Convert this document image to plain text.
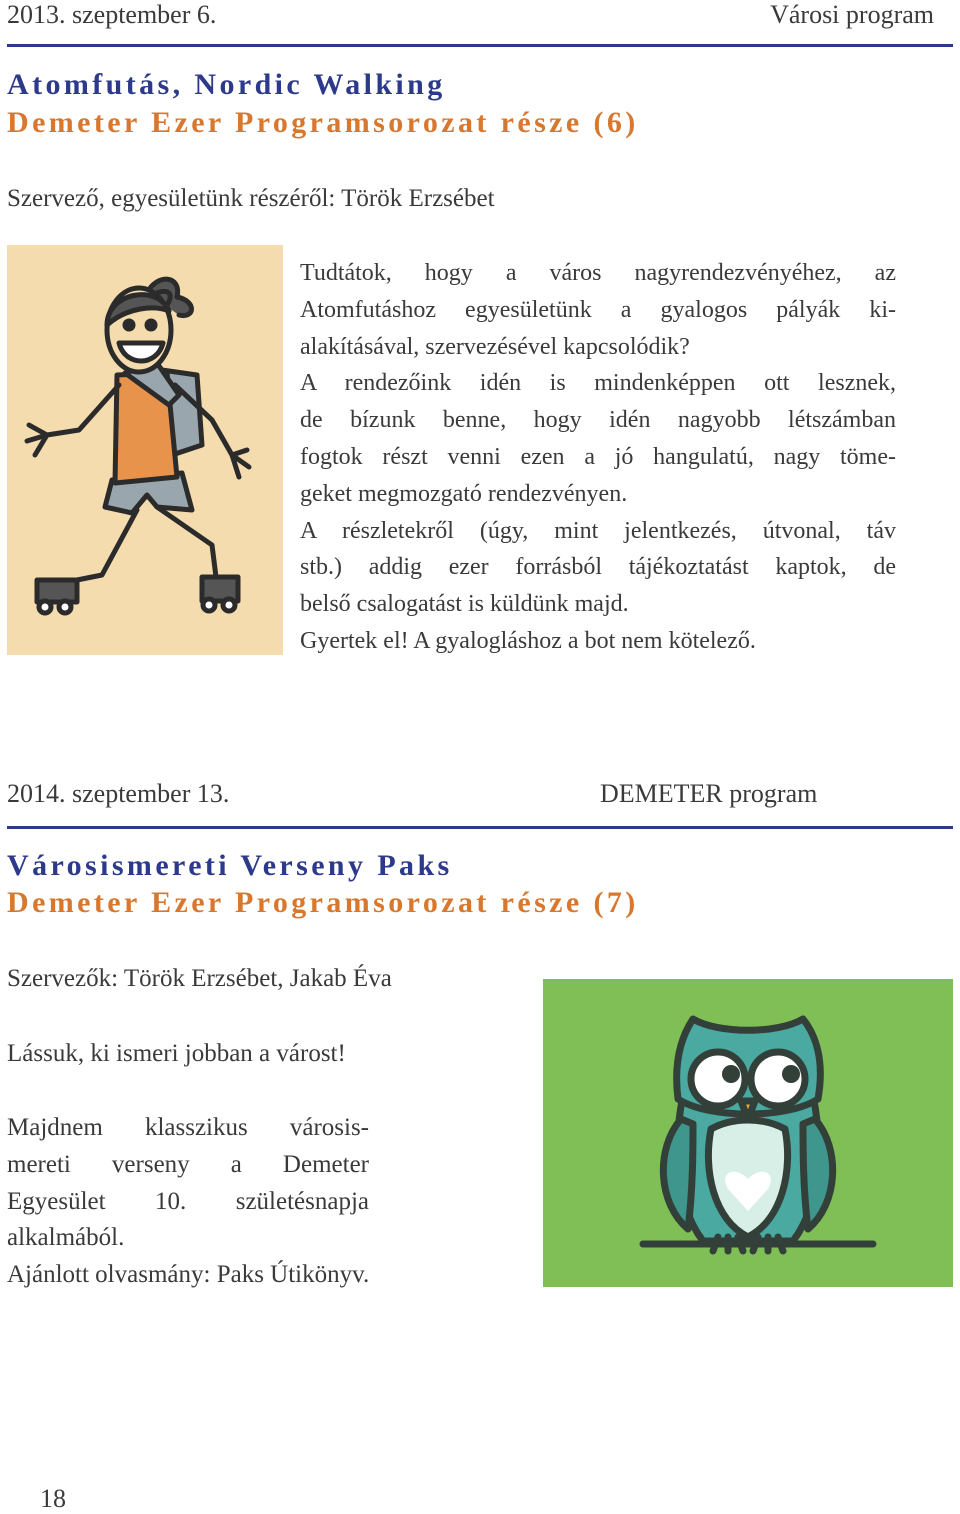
2013. szeptember 6.	Városi program
Atomfutás, Nordic Walking
Demeter Ezer Programsorozat része (6)
Szervező, egyesületünk részéről: Török Erzsébet
Tudtátok, hogy a város nagyrendezvényéhez, az
Atomfutáshoz egyesületünk a gyalogos pályák ki-
alakításával, szervezésével kapcsolódik?
A rendezőink idén is mindenképpen ott lesznek,
de bízunk benne, hogy idén nagyobb létszámban
fogtok részt venni ezen a jó hangulatú, nagy töme-
geket megmozgató rendezvényen.
A részletekről (úgy, mint jelentkezés, útvonal, táv
stb.) addig ezer forrásból tájékoztatást kaptok, de
belső csalogatást is küldünk majd.
Gyertek el! A gyalogláshoz a bot nem kötelező.
2014. szeptember 13.	DEMETER program
Városismereti Verseny Paks
Demeter Ezer Programsorozat része (7)
Szervezők: Török Erzsébet, Jakab Éva
Lássuk, ki ismeri jobban a várost!
Majdnem klasszikus városis-
mereti verseny a Demeter
Egyesület 10. születésnapja
alkalmából.
Ajánlott olvasmány: Paks Útikönyv.
18
